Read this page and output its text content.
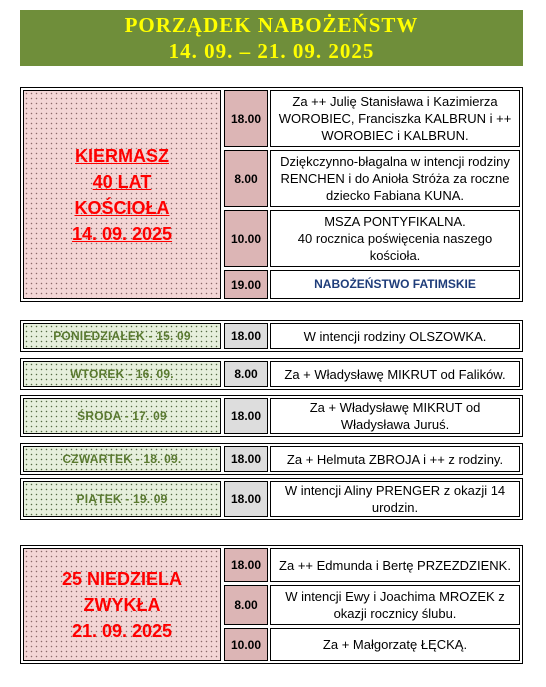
PORZĄDEK NABOŻEŃSTW
14. 09. – 21. 09. 2025
KIERMASZ
40 LAT
KOŚCIOŁA
14. 09. 2025
18.00
Za ++ Julię Stanisława i Kazimierza WOROBIEC, Franciszka KALBRUN i ++ WOROBIEC i KALBRUN.
8.00
Dziękczynno-błagalna w intencji rodziny RENCHEN i do Anioła Stróża za roczne dziecko Fabiana KUNA.
10.00
MSZA PONTYFIKALNA.
40 rocznica poświęcenia naszego kościoła.
19.00	NABOŻEŃSTWO FATIMSKIE
PONIEDZIAŁEK - 15. 09	18.00	W intencji rodziny OLSZOWKA.
WTOREK - 16. 09.	8.00	Za + Władysławę MIKRUT od Falików.
ŚRODA - 17. 09	18.00
Za + Władysławę MIKRUT od Władysława Juruś.
CZWARTEK - 18. 09.	18.00	Za + Helmuta ZBROJA i ++ z rodziny.
PIĄTEK - 19. 09	18.00
W intencji Aliny PRENGER z okazji 14 urodzin.
25 NIEDZIELA
ZWYKŁA
21. 09. 2025
18.00	Za ++ Edmunda i Bertę PRZEZDZIENK.
8.00
W intencji Ewy i Joachima MROZEK z okazji rocznicy ślubu.
10.00	Za + Małgorzatę ŁĘCKĄ.
